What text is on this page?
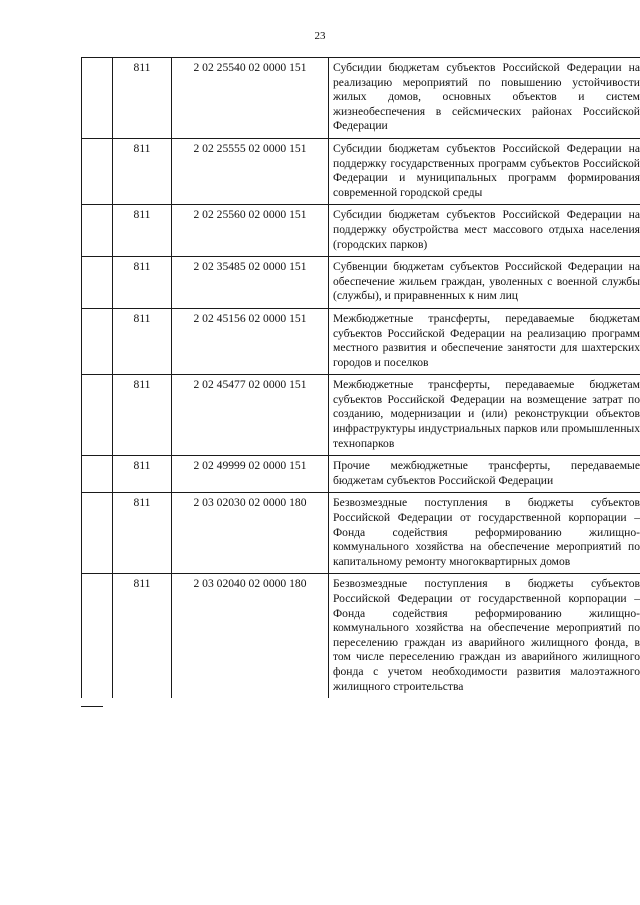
23
	811	2 02 25540 02 0000 151	Субсидии бюджетам субъектов Российской Федерации на реализацию мероприятий по повышению устойчивости жилых домов, основных объектов и систем жизнеобеспечения в сейсмических районах Российской Федерации
	811	2 02 25555 02 0000 151	Субсидии бюджетам субъектов Российской Федерации на поддержку государственных программ субъектов Российской Федерации и муниципальных программ формирования современной городской среды
	811	2 02 25560 02 0000 151	Субсидии бюджетам субъектов Российской Федерации на поддержку обустройства мест массового отдыха населения (городских парков)
	811	2 02 35485 02 0000 151	Субвенции бюджетам субъектов Российской Федерации на обеспечение жильем граждан, уволенных с военной службы (службы), и приравненных к ним лиц
	811	2 02 45156 02 0000 151	Межбюджетные трансферты, передаваемые бюджетам субъектов Российской Федерации на реализацию программ местного развития и обеспечение занятости для шахтерских городов и поселков
	811	2 02 45477 02 0000 151	Межбюджетные трансферты, передаваемые бюджетам субъектов Российской Федерации на возмещение затрат по созданию, модернизации и (или) реконструкции объектов инфраструктуры индустриальных парков или промышленных технопарков
	811	2 02 49999 02 0000 151	Прочие межбюджетные трансферты, передаваемые бюджетам субъектов Российской Федерации
	811	2 03 02030 02 0000 180	Безвозмездные поступления в бюджеты субъектов Российской Федерации от государственной корпорации – Фонда содействия реформированию жилищно-коммунального хозяйства на обеспечение мероприятий по капитальному ремонту многоквартирных домов
	811	2 03 02040 02 0000 180	Безвозмездные поступления в бюджеты субъектов Российской Федерации от государственной корпорации – Фонда содействия реформированию жилищно-коммунального хозяйства на обеспечение мероприятий по переселению граждан из аварийного жилищного фонда, в том числе переселению граждан из аварийного жилищного фонда с учетом необходимости развития малоэтажного жилищного строительства
